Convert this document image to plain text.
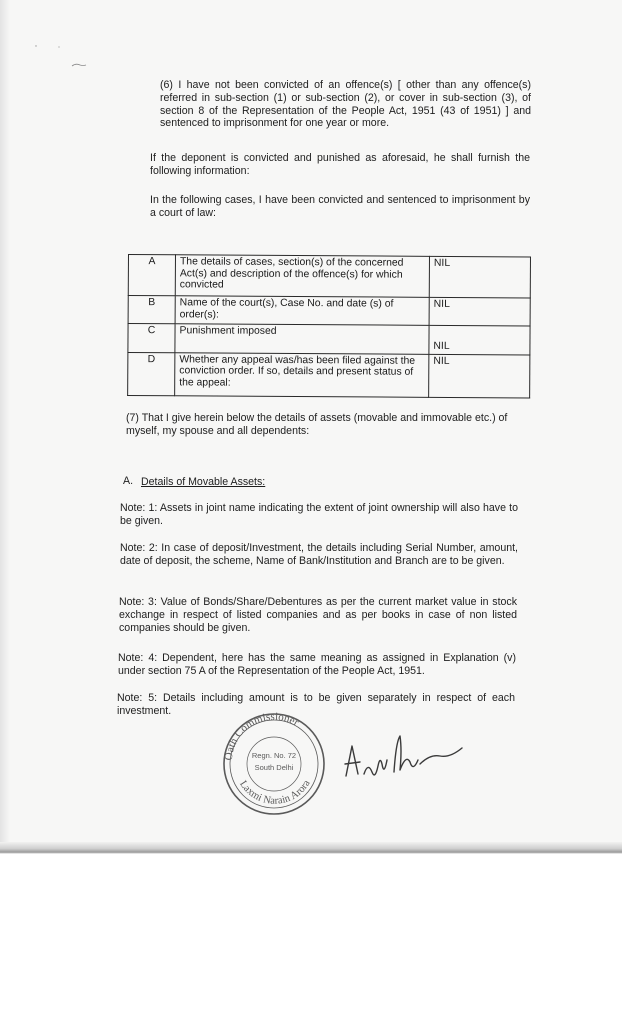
(6) I have not been convicted of an offence(s) [ other than any offence(s) referred in sub-section (1) or sub-section (2), or cover in sub-section (3), of section 8 of the Representation of the People Act, 1951 (43 of 1951) ] and sentenced to imprisonment for one year or more.
If the deponent is convicted and punished as aforesaid, he shall furnish the following information:
In the following cases, I have been convicted and sentenced to imprisonment by a court of law:
A	The details of cases, section(s) of the concerned Act(s) and description of the offence(s) for which convicted	NIL
B	Name of the court(s), Case No. and date (s) of order(s):	NIL
C	Punishment imposed	NIL
D	Whether any appeal was/has been filed against the conviction order. If so, details and present status of the appeal:	NIL
(7) That I give herein below the details of assets (movable and immovable etc.) of myself, my spouse and all dependents:
A. Details of Movable Assets:
Note: 1: Assets in joint name indicating the extent of joint ownership will also have to be given.
Note: 2: In case of deposit/Investment, the details including Serial Number, amount, date of deposit, the scheme, Name of Bank/Institution and Branch are to be given.
Note: 3: Value of Bonds/Share/Debentures as per the current market value in stock exchange in respect of listed companies and as per books in case of non listed companies should be given.
Note: 4: Dependent, here has the same meaning as assigned in Explanation (v) under section 75 A of the Representation of the People Act, 1951.
Note: 5: Details including amount is to be given separately in respect of each investment.
Oath Commissioner
Laxmi Narain Arora
Regn. No. 72
South Delhi
